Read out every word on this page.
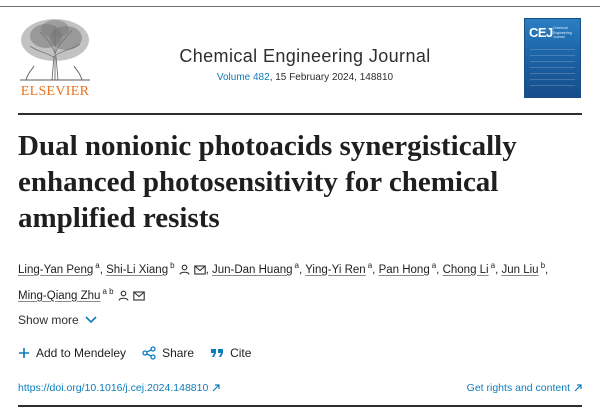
ELSEVIER
Chemical Engineering Journal
Volume 482, 15 February 2024, 148810
CEJ Chemical Engineering Journal
Dual nonionic photoacids synergistically enhanced photosensitivity for chemical amplified resists
Ling-Yan Peng $^a$, Shi-Li Xiang $^b$	, Jun-Dan Huang $^a$, Ying-Yi Ren $^a$, Pan Hong $^a$, Chong Li $^a$, Jun Liu $^b$, Ming-Qiang Zhu $^{a b}$
Show more
Add to Mendeley	Share	Cite
https://doi.org/10.1016/j.cej.2024.148810	Get rights and content
